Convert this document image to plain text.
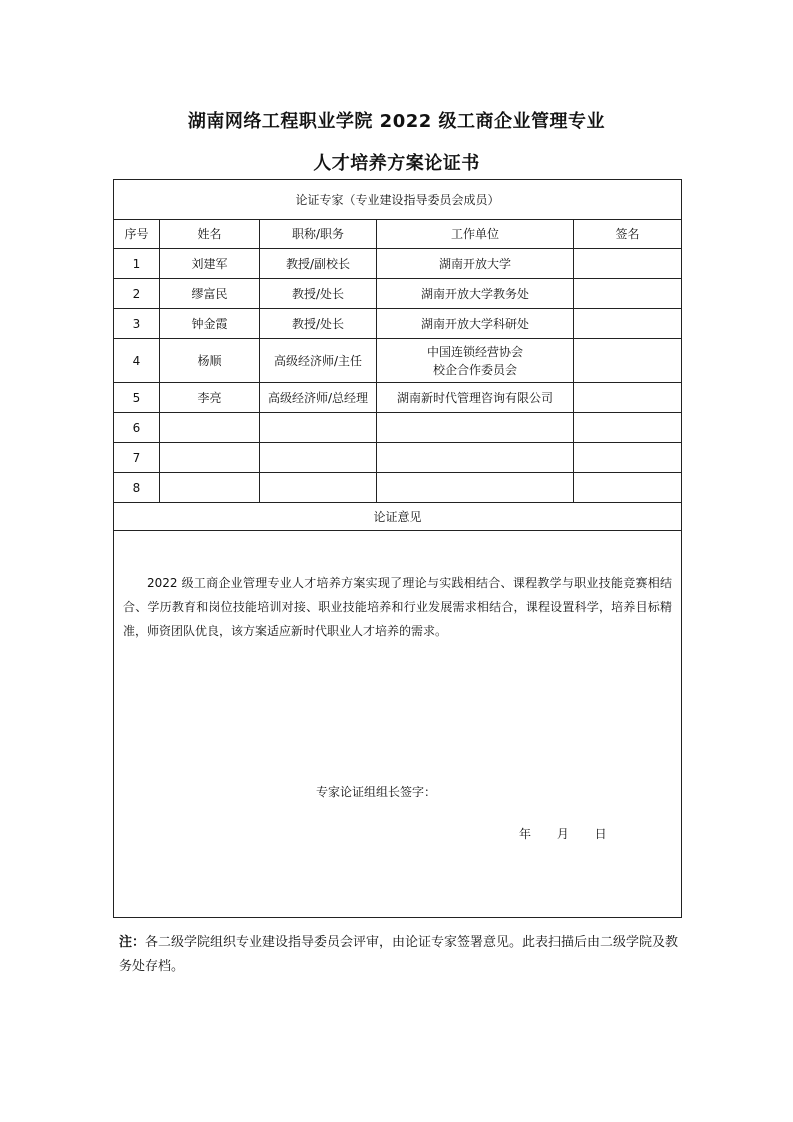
湖南网络工程职业学院 2022 级工商企业管理专业
人才培养方案论证书
论证专家（专业建设指导委员会成员）				
序号	姓名	职称/职务	工作单位	签名
1	刘建军	教授/副校长	湖南开放大学	

2	缪富民	教授/处长	湖南开放大学教务处	

3	钟金霞	教授/处长	湖南开放大学科研处	

4	杨顺	高级经济师/主任	中国连锁经营协会
校企合作委员会	

5	李亮	高级经济师/总经理	湖南新时代管理咨询有限公司	

6				
7				
8				
论证意见				

2022 级工商企业管理专业人才培养方案实现了理论与实践相结合、课程教学与职业技能竞赛相结合、学历教育和岗位技能培训对接、职业技能培养和行业发展需求相结合，课程设置科学，培养目标精准，师资团队优良，该方案适应新时代职业人才培养的需求。
专家论证组组长签字：
年 月 日				
注：各二级学院组织专业建设指导委员会评审，由论证专家签署意见。此表扫描后由二级学院及教务处存档。
